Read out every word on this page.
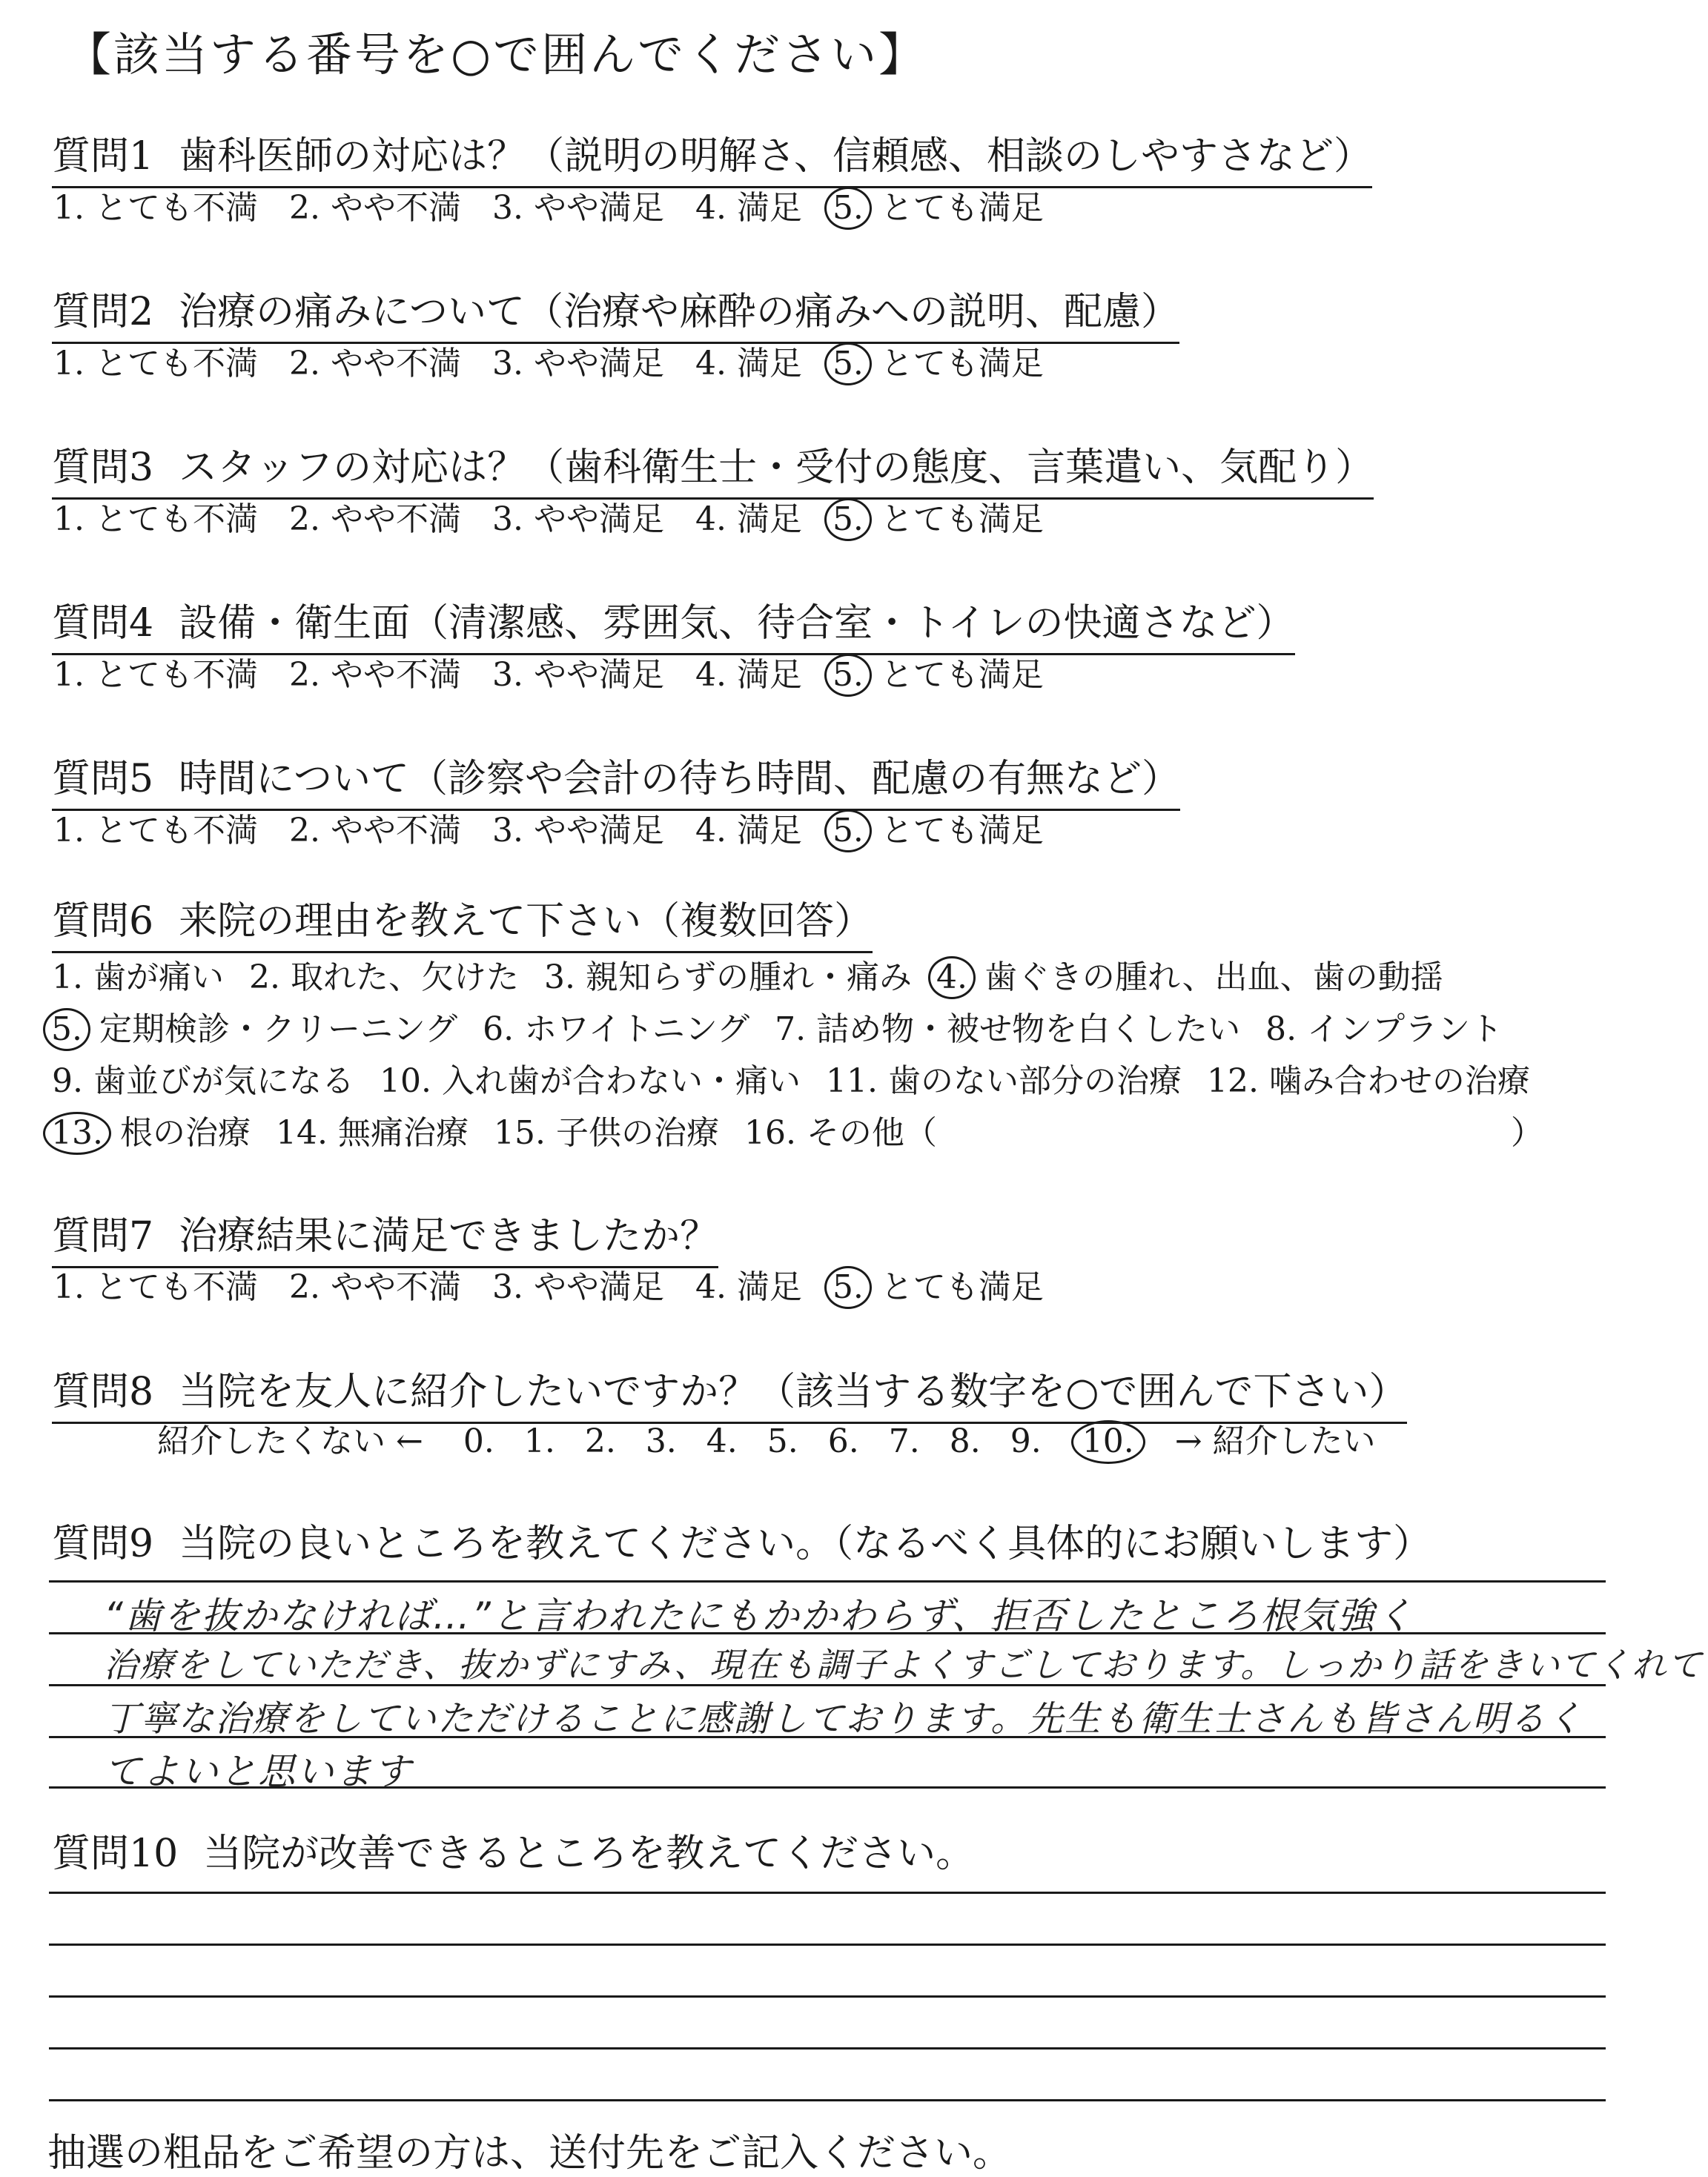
【該当する番号を○で囲んでください】
質問1 歯科医師の対応は？（説明の明解さ、信頼感、相談のしやすさなど）
1. とても不満 2. やや不満 3. やや満足 4. 満足 5. とても満足
質問2 治療の痛みについて（治療や麻酔の痛みへの説明、配慮）
1. とても不満 2. やや不満 3. やや満足 4. 満足 5. とても満足
質問3 スタッフの対応は？（歯科衛生士・受付の態度、言葉遣い、気配り）
1. とても不満 2. やや不満 3. やや満足 4. 満足 5. とても満足
質問4 設備・衛生面（清潔感、雰囲気、待合室・トイレの快適さなど）
1. とても不満 2. やや不満 3. やや満足 4. 満足 5. とても満足
質問5 時間について（診察や会計の待ち時間、配慮の有無など）
1. とても不満 2. やや不満 3. やや満足 4. 満足 5. とても満足
質問6 来院の理由を教えて下さい（複数回答）
1. 歯が痛い 2. 取れた、欠けた 3. 親知らずの腫れ・痛み 4. 歯ぐきの腫れ、出血、歯の動揺
5. 定期検診・クリーニング 6. ホワイトニング 7. 詰め物・被せ物を白くしたい 8. インプラント
9. 歯並びが気になる 10. 入れ歯が合わない・痛い 11. 歯のない部分の治療 12. 噛み合わせの治療
13. 根の治療 14. 無痛治療 15. 子供の治療 16. その他（	）
質問7 治療結果に満足できましたか？
1. とても不満 2. やや不満 3. やや満足 4. 満足 5. とても満足
質問8 当院を友人に紹介したいですか？（該当する数字を○で囲んで下さい）
紹介したくない ← 0. 1. 2. 3. 4. 5. 6. 7. 8. 9. 10. → 紹介したい
質問9 当院の良いところを教えてください。（なるべく具体的にお願いします）
“歯を抜かなければ…”と言われたにもかかわらず、拒否したところ根気強く
治療をしていただき、抜かずにすみ、現在も調子よくすごしております。しっかり話をきいてくれて
丁寧な治療をしていただけることに感謝しております。先生も衛生士さんも皆さん明るく
てよいと思います
質問10 当院が改善できるところを教えてください。
抽選の粗品をご希望の方は、送付先をご記入ください。
